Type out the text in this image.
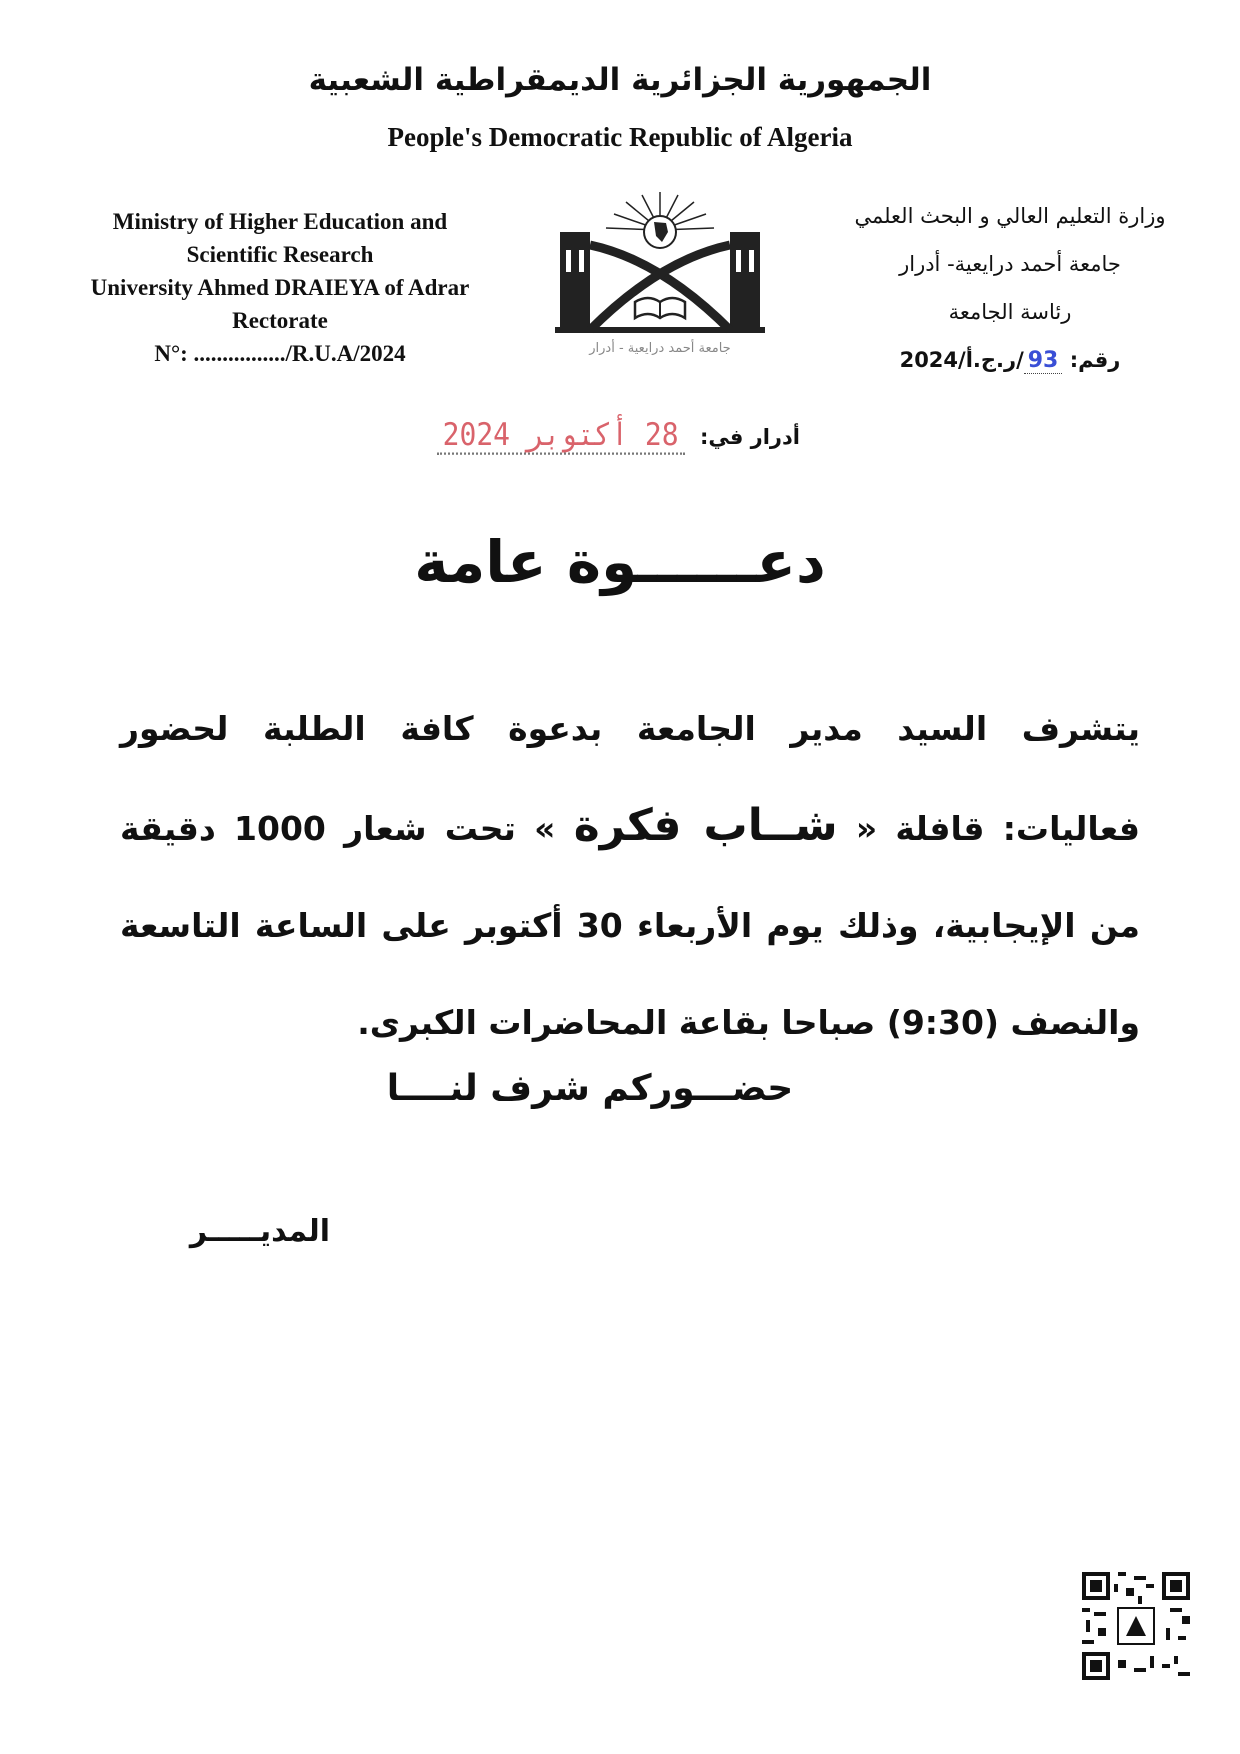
الجمهورية الجزائرية الديمقراطية الشعبية
People's Democratic Republic of Algeria
Ministry of Higher Education and
Scientific Research
University Ahmed DRAIEYA of Adrar
Rectorate
N°: ................/R.U.A/2024	جامعة أحمد درايعية - أدرار
وزارة التعليم العالي و البحث العلمي
جامعة أحمد درايعية- أدرار
رئاسة الجامعة
رقم: 93/ر.ج.أ/2024
أدرار في: 28 أكتوبر 2024
دعــــــوة عامة
يتشرف السيد مدير الجامعة بدعوة كافة الطلبة لحضور
فعاليات: قافلة « شــاب فكرة » تحت شعار 1000 دقيقة
من الإيجابية، وذلك يوم الأربعاء 30 أكتوبر على الساعة التاسعة
والنصف (9:30) صباحا بقاعة المحاضرات الكبرى.
حضـــوركم شرف لنــــا
المديـــــر
